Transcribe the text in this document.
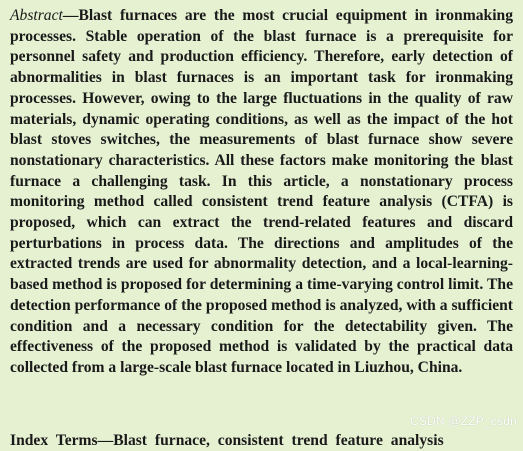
Abstract—Blast furnaces are the most crucial equipment in ironmaking processes. Stable operation of the blast furnace is a prerequisite for personnel safety and production efficiency. Therefore, early detection of abnormalities in blast furnaces is an important task for ironmaking processes. However, owing to the large fluctuations in the quality of raw materials, dynamic operating conditions, as well as the impact of the hot blast stoves switches, the measurements of blast furnace show severe nonstationary characteristics. All these factors make monitoring the blast furnace a challenging task. In this article, a nonstationary process monitoring method called consistent trend feature analysis (CTFA) is proposed, which can extract the trend-related features and discard perturbations in process data. The directions and amplitudes of the extracted trends are used for abnormality detection, and a local-learning-based method is proposed for determining a time-varying control limit. The detection performance of the proposed method is analyzed, with a sufficient condition and a necessary condition for the detectability given. The effectiveness of the proposed method is validated by the practical data collected from a large-scale blast furnace located in Liuzhou, China.

Index Terms—Blast furnace, consistent trend feature analysis
CSDN @ZZP_csdn
